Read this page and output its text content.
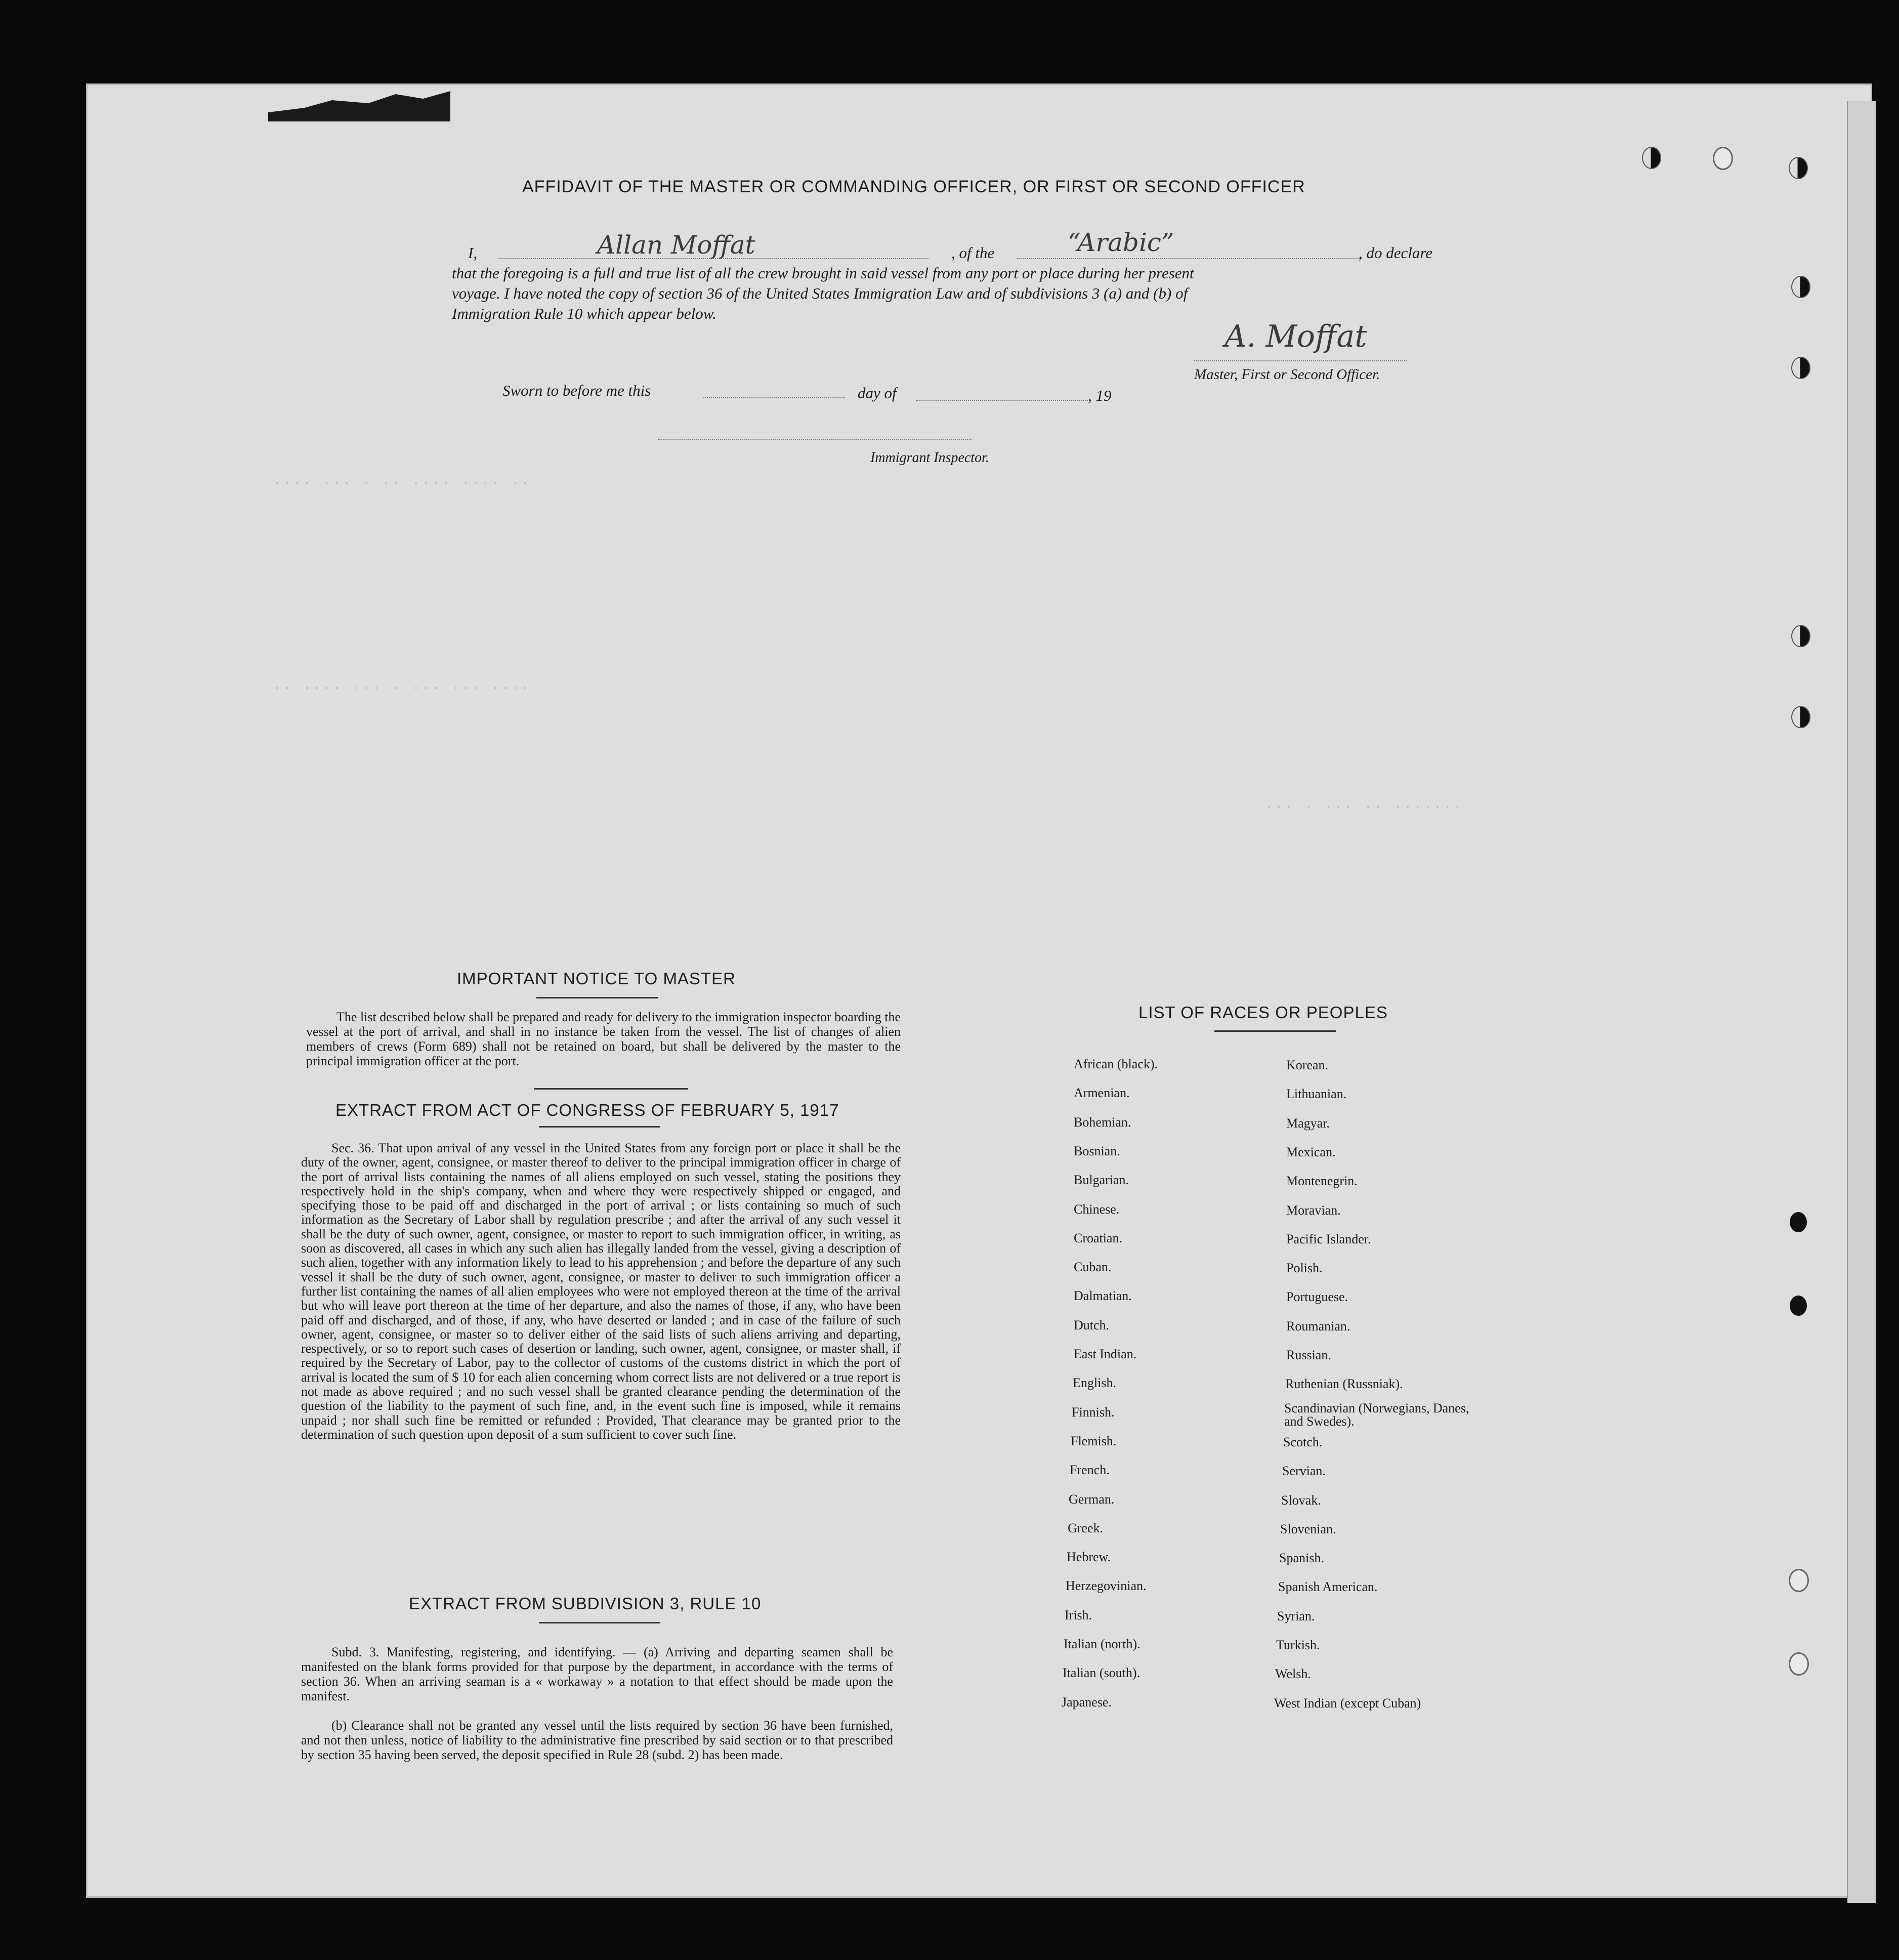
···· ··· · ·· ···· ···· ··
·· ···· ··· · ··· ··· ····
··· · ··· ·· ·······
AFFIDAVIT OF THE MASTER OR COMMANDING OFFICER, OR FIRST OR SECOND OFFICER
I,	Allan Moffat	, of the	“Arabic”	, do declare
that the foregoing is a full and true list of all the crew brought in said vessel from any port or place during her present
voyage. I have noted the copy of section 36 of the United States Immigration Law and of subdivisions 3 (a) and (b) of
Immigration Rule 10 which appear below.
A. Moffat
Master, First or Second Officer.
Sworn to before me this	day of	, 19
Immigrant Inspector.
IMPORTANT NOTICE TO MASTER
The list described below shall be prepared and ready for delivery to the immigration inspector boarding the vessel at the port of arrival, and shall in no instance be taken from the vessel. The list of changes of alien members of crews (Form 689) shall not be retained on board, but shall be delivered by the master to the principal immigration officer at the port.
EXTRACT FROM ACT OF CONGRESS OF FEBRUARY 5, 1917
Sec. 36. That upon arrival of any vessel in the United States from any foreign port or place it shall be the duty of the owner, agent, consignee, or master thereof to deliver to the principal immigration officer in charge of the port of arrival lists containing the names of all aliens employed on such vessel, stating the positions they respectively hold in the ship's company, when and where they were respectively shipped or engaged, and specifying those to be paid off and discharged in the port of arrival ; or lists containing so much of such information as the Secretary of Labor shall by regulation prescribe ; and after the arrival of any such vessel it shall be the duty of such owner, agent, consignee, or master to report to such immigration officer, in writing, as soon as discovered, all cases in which any such alien has illegally landed from the vessel, giving a description of such alien, together with any information likely to lead to his apprehension ; and before the departure of any such vessel it shall be the duty of such owner, agent, consignee, or master to deliver to such immigration officer a further list containing the names of all alien employees who were not employed thereon at the time of the arrival but who will leave port thereon at the time of her departure, and also the names of those, if any, who have been paid off and discharged, and of those, if any, who have deserted or landed ; and in case of the failure of such owner, agent, consignee, or master so to deliver either of the said lists of such aliens arriving and departing, respectively, or so to report such cases of desertion or landing, such owner, agent, consignee, or master shall, if required by the Secretary of Labor, pay to the collector of customs of the customs district in which the port of arrival is located the sum of $ 10 for each alien concerning whom correct lists are not delivered or a true report is not made as above required ; and no such vessel shall be granted clearance pending the determination of the question of the liability to the payment of such fine, and, in the event such fine is imposed, while it remains unpaid ; nor shall such fine be remitted or refunded : Provided, That clearance may be granted prior to the determination of such question upon deposit of a sum sufficient to cover such fine.
EXTRACT FROM SUBDIVISION 3, RULE 10
Subd. 3. Manifesting, registering, and identifying. — (a) Arriving and departing seamen shall be manifested on the blank forms provided for that purpose by the department, in accordance with the terms of section 36. When an arriving seaman is a « workaway » a notation to that effect should be made upon the manifest.
(b) Clearance shall not be granted any vessel until the lists required by section 36 have been furnished, and not then unless, notice of liability to the administrative fine prescribed by said section or to that prescribed by section 35 having been served, the deposit specified in Rule 28 (subd. 2) has been made.
LIST OF RACES OR PEOPLES
African (black).
Armenian.
Bohemian.
Bosnian.
Bulgarian.
Chinese.
Croatian.
Cuban.
Dalmatian.
Dutch.
East Indian.
English.
Finnish.
Flemish.
French.
German.
Greek.
Hebrew.
Herzegovinian.
Irish.
Italian (north).
Italian (south).
Japanese.
Korean.
Lithuanian.
Magyar.
Mexican.
Montenegrin.
Moravian.
Pacific Islander.
Polish.
Portuguese.
Roumanian.
Russian.
Ruthenian (Russniak).
Scandinavian (Norwegians, Danes, and Swedes).
Scotch.
Servian.
Slovak.
Slovenian.
Spanish.
Spanish American.
Syrian.
Turkish.
Welsh.
West Indian (except Cuban)
